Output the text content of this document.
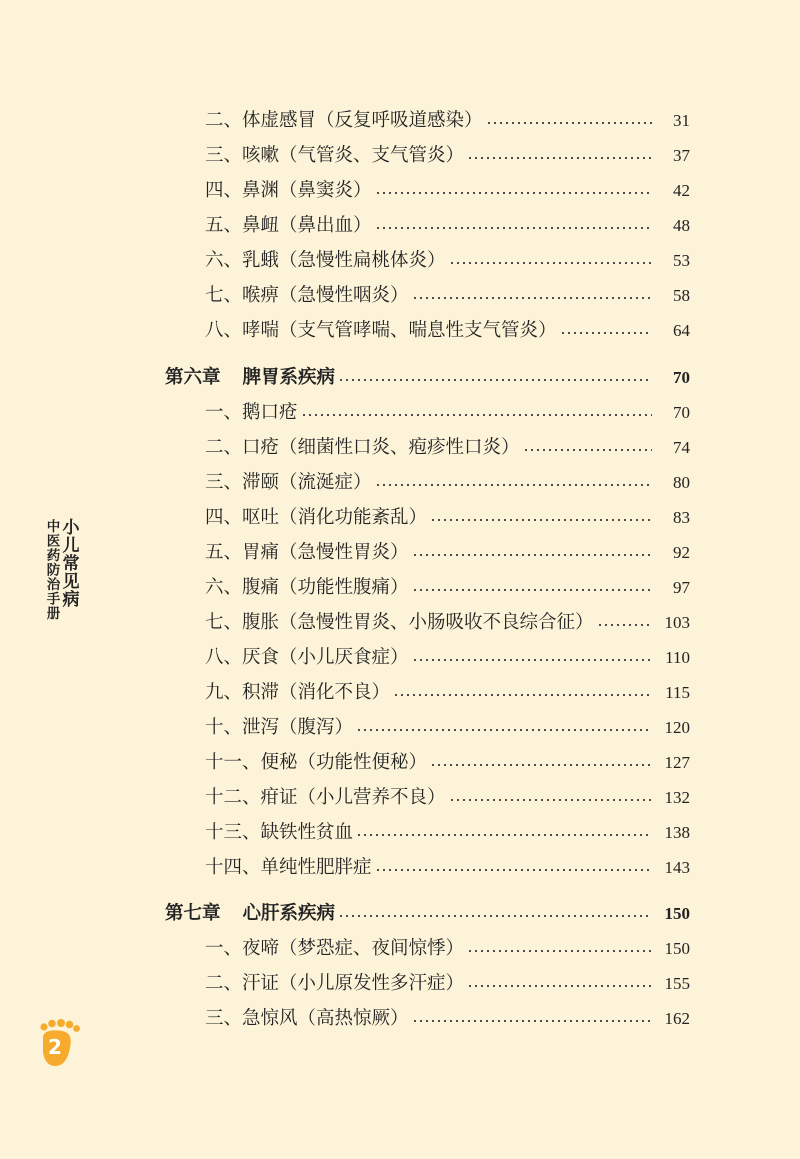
二、体虚感冒（反复呼吸道感染）	31
三、咳嗽（气管炎、支气管炎）	37
四、鼻渊（鼻窦炎）	42
五、鼻衄（鼻出血）	48
六、乳蛾（急慢性扁桃体炎）	53
七、喉痹（急慢性咽炎）	58
八、哮喘（支气管哮喘、喘息性支气管炎）	64
第六章 脾胃系疾病	70
一、鹅口疮	70
二、口疮（细菌性口炎、疱疹性口炎）	74
三、滞颐（流涎症）	80
四、呕吐（消化功能紊乱）	83
五、胃痛（急慢性胃炎）	92
六、腹痛（功能性腹痛）	97
七、腹胀（急慢性胃炎、小肠吸收不良综合征）	103
八、厌食（小儿厌食症）	110
九、积滞（消化不良）	115
十、泄泻（腹泻）	120
十一、便秘（功能性便秘）	127
十二、疳证（小儿营养不良）	132
十三、缺铁性贫血	138
十四、单纯性肥胖症	143
第七章 心肝系疾病	150
一、夜啼（梦恐症、夜间惊悸）	150
二、汗证（小儿原发性多汗症）	155
三、急惊风（高热惊厥）	162
小儿常见病
中医药防治手册
2
